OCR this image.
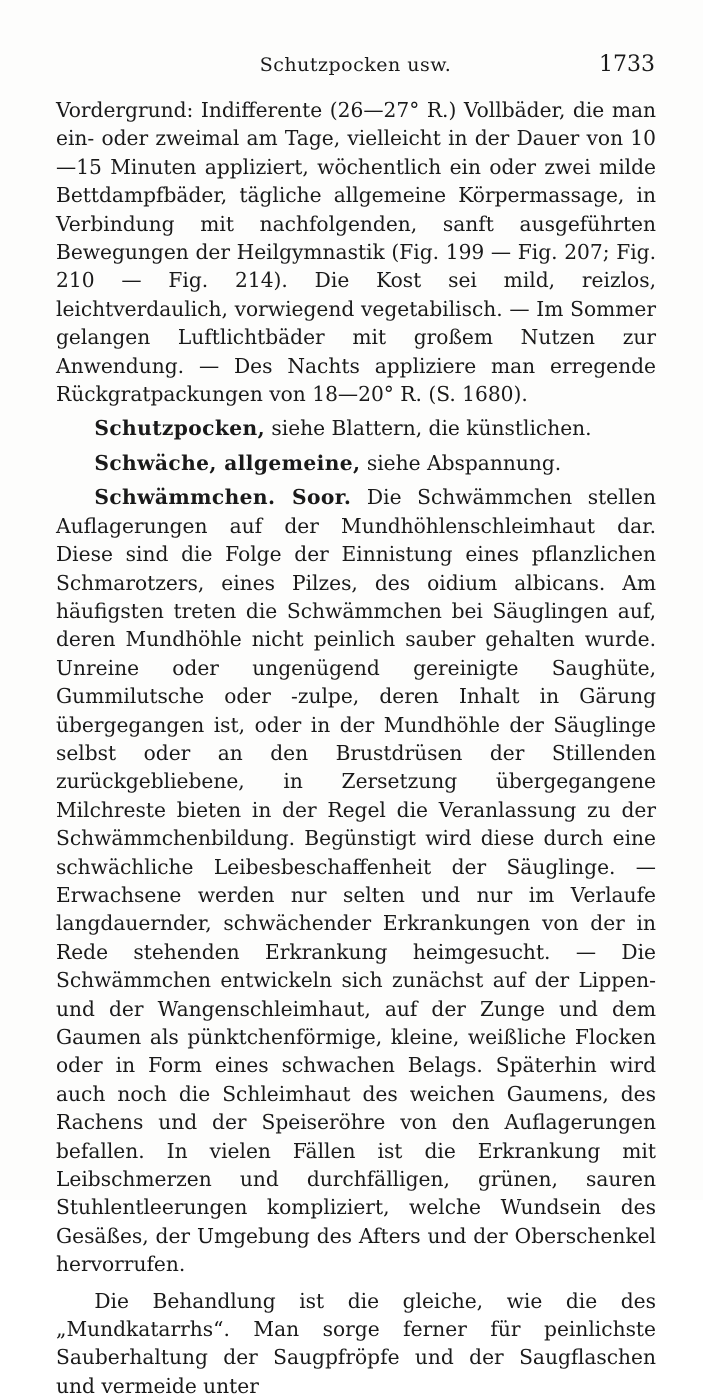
Schutzpocken usw.	1733

Vordergrund: Indifferente (26—27° R.) Vollbäder, die man ein- oder zweimal am Tage, vielleicht in der Dauer von 10—15 Minuten appliziert, wöchentlich ein oder zwei milde Bettdampfbäder, tägliche allgemeine Körpermassage, in Verbindung mit nachfolgenden, sanft ausgeführten Bewegungen der Heilgymnastik (Fig. 199 — Fig. 207; Fig. 210 — Fig. 214). Die Kost sei mild, reizlos, leichtverdaulich, vorwiegend vegetabilisch. — Im Sommer gelangen Luftlichtbäder mit großem Nutzen zur Anwendung. — Des Nachts appliziere man erregende Rückgratpackungen von 18—20° R. (S. 1680).

Schutzpocken, siehe Blattern, die künstlichen.

Schwäche, allgemeine, siehe Abspannung.

Schwämmchen. Soor. Die Schwämmchen stellen Auflagerungen auf der Mundhöhlenschleimhaut dar. Diese sind die Folge der Einnistung eines pflanzlichen Schmarotzers, eines Pilzes, des oidium albicans. Am häufigsten treten die Schwämmchen bei Säuglingen auf, deren Mundhöhle nicht peinlich sauber gehalten wurde. Unreine oder ungenügend gereinigte Saughüte, Gummilutsche oder -zulpe, deren Inhalt in Gärung übergegangen ist, oder in der Mundhöhle der Säuglinge selbst oder an den Brustdrüsen der Stillenden zurückgebliebene, in Zersetzung übergegangene Milchreste bieten in der Regel die Veranlassung zu der Schwämmchenbildung. Begünstigt wird diese durch eine schwächliche Leibesbeschaffenheit der Säuglinge. — Erwachsene werden nur selten und nur im Verlaufe langdauernder, schwächender Erkrankungen von der in Rede stehenden Erkrankung heimgesucht. — Die Schwämmchen entwickeln sich zunächst auf der Lippen- und der Wangenschleimhaut, auf der Zunge und dem Gaumen als pünktchenförmige, kleine, weißliche Flocken oder in Form eines schwachen Belags. Späterhin wird auch noch die Schleimhaut des weichen Gaumens, des Rachens und der Speiseröhre von den Auflagerungen befallen. In vielen Fällen ist die Erkrankung mit Leibschmerzen und durchfälligen, grünen, sauren Stuhlentleerungen kompliziert, welche Wundsein des Gesäßes, der Umgebung des Afters und der Oberschenkel hervorrufen.

Die Behandlung ist die gleiche, wie die des „Mundkatarrhs“. Man sorge ferner für peinlichste Sauberhaltung der Saugpfröpfe und der Saugflaschen und vermeide unter
